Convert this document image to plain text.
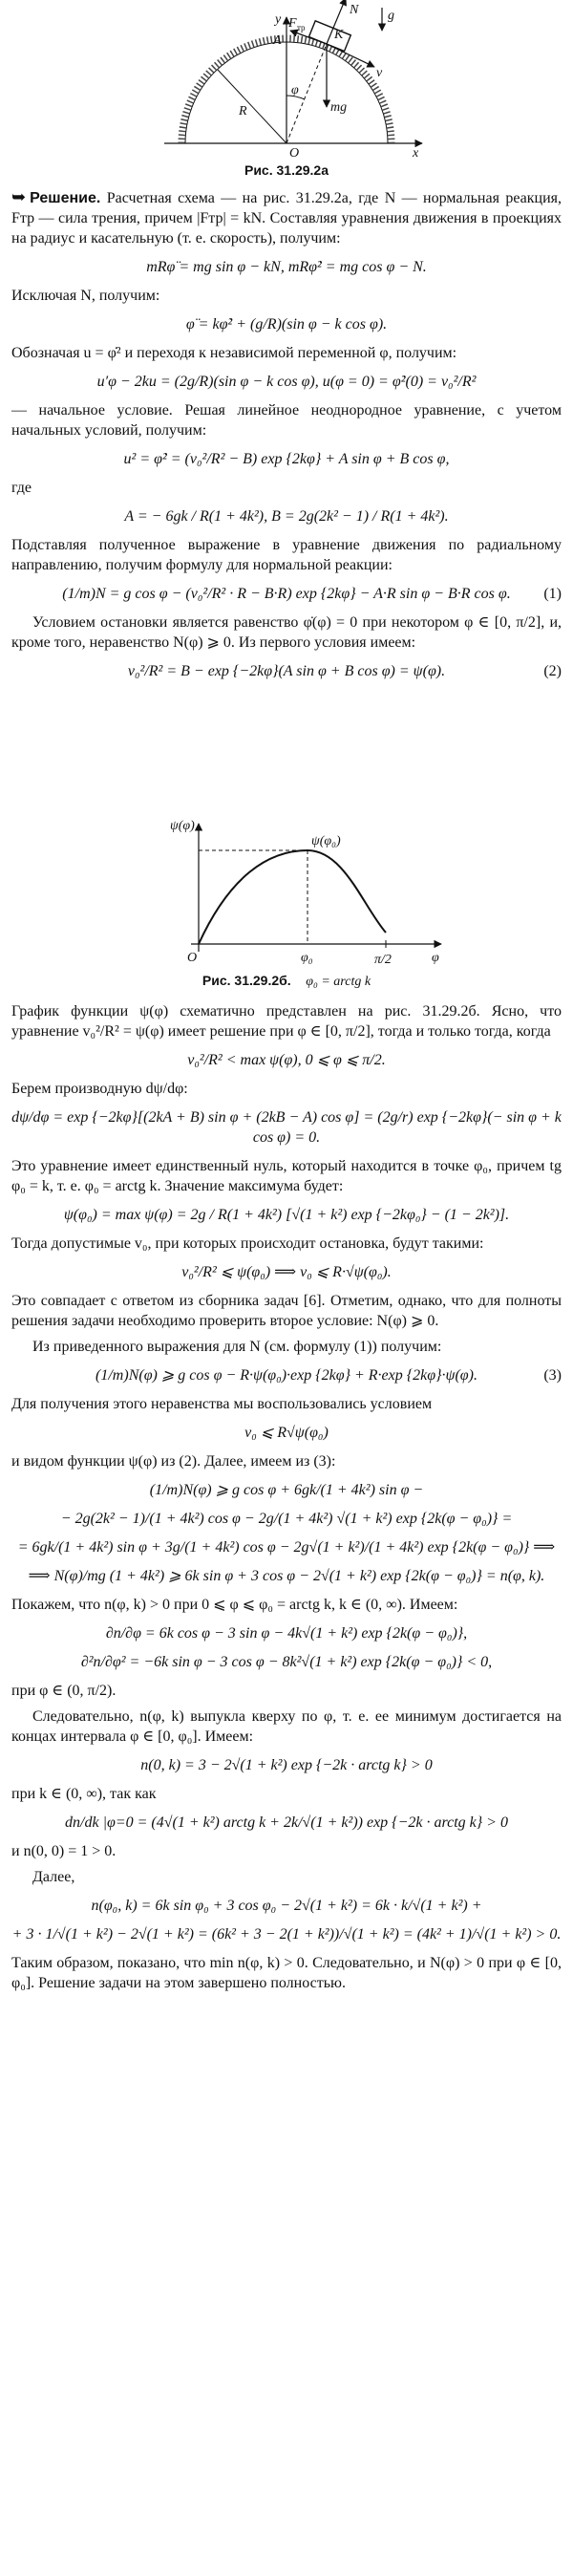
N g
F тр K
y
A
v
φ
R	mg
O	x
Рис. 31.29.2а

➥ Решение. Расчетная схема — на рис. 31.29.2а, где N — нормальная реакция, Fтр — сила трения, причем |Fтр| = kN. Составляя уравнения движения в проекциях на радиус и касательную (т. е. скорость), получим:

mRφ̈ = mg sin φ − kN, mRφ̇² = mg cos φ − N.

Исключая N, получим:

φ̈ = kφ̇² + (g/R)(sin φ − k cos φ).

Обозначая u = φ̇² и переходя к независимой переменной φ, получим:

u′φ − 2ku = (2g/R)(sin φ − k cos φ), u(φ = 0) = φ̇²(0) = v₀²/R²

— начальное условие. Решая линейное неоднородное уравнение, с учетом начальных условий, получим:

u² = φ̇² = (v₀²/R² − B) exp {2kφ} + A sin φ + B cos φ,

где

A = − 6gk / R(1 + 4k²), B = 2g(2k² − 1) / R(1 + 4k²).

Подставляя полученное выражение в уравнение движения по радиальному направлению, получим формулу для нормальной реакции:

(1/m)N = g cos φ − (v₀²/R² · R − B·R) exp {2kφ} − A·R sin φ − B·R cos φ. (1)

Условием остановки является равенство φ̇(φ) = 0 при некотором φ ∈ [0, π/2], и, кроме того, неравенство N(φ) ⩾ 0. Из первого условия имеем:

v₀²/R² = B − exp {−2kφ}(A sin φ + B cos φ) = ψ(φ).	(2)
ψ(φ)
ψ(φ₀)
O	φ₀	π/2	φ
Рис. 31.29.2б. φ₀ = arctg k

График функции ψ(φ) схематично представлен на рис. 31.29.2б. Ясно, что уравнение v₀²/R² = ψ(φ) имеет решение при φ ∈ [0, π/2], тогда и только тогда, когда

v₀²/R² < max ψ(φ), 0 ⩽ φ ⩽ π/2.

Берем производную dψ/dφ:

dψ/dφ = exp {−2kφ}[(2kA + B) sin φ + (2kB − A) cos φ] = (2g/r) exp {−2kφ}(− sin φ + k cos φ) = 0.

Это уравнение имеет единственный нуль, который находится в точке φ₀, причем tg φ₀ = k, т. е. φ₀ = arctg k. Значение максимума будет:

ψ(φ₀) = max ψ(φ) = 2g / R(1 + 4k²) [√(1 + k²) exp {−2kφ₀} − (1 − 2k²)].

Тогда допустимые v₀, при которых происходит остановка, будут такими:

v₀²/R² ⩽ ψ(φ₀) ⟹ v₀ ⩽ R·√ψ(φ₀).

Это совпадает с ответом из сборника задач [6]. Отметим, однако, что для полноты решения задачи необходимо проверить второе условие: N(φ) ⩾ 0.

Из приведенного выражения для N (см. формулу (1)) получим:

(1/m)N(φ) ⩾ g cos φ − R·ψ(φ₀)·exp {2kφ} + R·exp {2kφ}·ψ(φ).	(3)

Для получения этого неравенства мы воспользовались условием

v₀ ⩽ R√ψ(φ₀)

и видом функции ψ(φ) из (2). Далее, имеем из (3):

(1/m)N(φ) ⩾ g cos φ + 6gk/(1 + 4k²) sin φ −
− 2g(2k² − 1)/(1 + 4k²) cos φ − 2g/(1 + 4k²) √(1 + k²) exp {2k(φ − φ₀)} =
= 6gk/(1 + 4k²) sin φ + 3g/(1 + 4k²) cos φ − 2g√(1 + k²)/(1 + 4k²) exp {2k(φ − φ₀)} ⟹
⟹ N(φ)/mg (1 + 4k²) ⩾ 6k sin φ + 3 cos φ − 2√(1 + k²) exp {2k(φ − φ₀)} = n(φ, k).

Покажем, что n(φ, k) > 0 при 0 ⩽ φ ⩽ φ₀ = arctg k, k ∈ (0, ∞). Имеем:

∂n/∂φ = 6k cos φ − 3 sin φ − 4k√(1 + k²) exp {2k(φ − φ₀)},
∂²n/∂φ² = −6k sin φ − 3 cos φ − 8k²√(1 + k²) exp {2k(φ − φ₀)} < 0,

при φ ∈ (0, π/2).

Следовательно, n(φ, k) выпукла кверху по φ, т. е. ее минимум достигается на концах интервала φ ∈ [0, φ₀]. Имеем:

n(0, k) = 3 − 2√(1 + k²) exp {−2k · arctg k} > 0

при k ∈ (0, ∞), так как

dn/dk |φ=0 = (4√(1 + k²) arctg k + 2k/√(1 + k²)) exp {−2k · arctg k} > 0

и n(0, 0) = 1 > 0.

Далее,

n(φ₀, k) = 6k sin φ₀ + 3 cos φ₀ − 2√(1 + k²) = 6k · k/√(1 + k²) +
+ 3 · 1/√(1 + k²) − 2√(1 + k²) = (6k² + 3 − 2(1 + k²))/√(1 + k²) = (4k² + 1)/√(1 + k²) > 0.

Таким образом, показано, что min n(φ, k) > 0. Следовательно, и N(φ) > 0 при φ ∈ [0, φ₀]. Решение задачи на этом завершено полностью.
